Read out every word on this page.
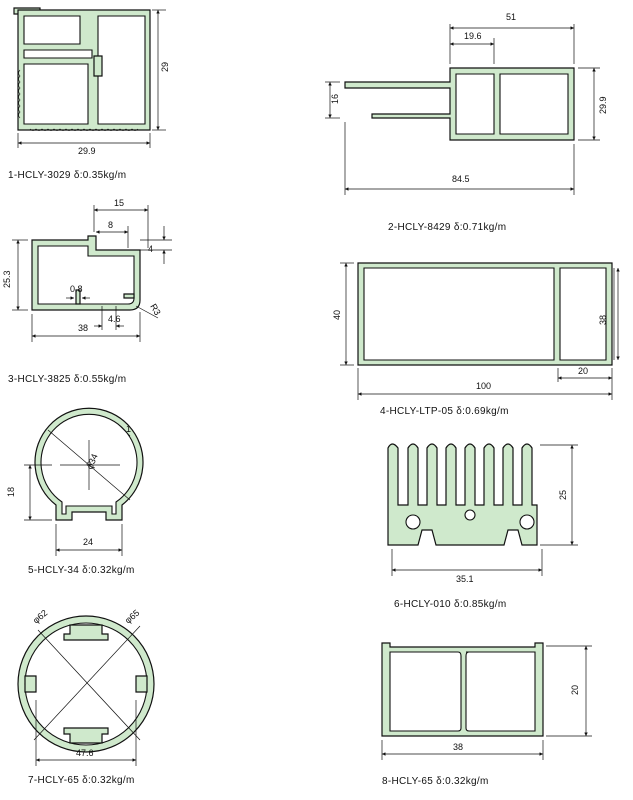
29.9
29
1-HCLY-3029 δ:0.35kg/m
51
19.6
16	29.9
84.5
2-HCLY-8429 δ:0.71kg/m
15
8
4
25.3
0.8
R3
38
4.6
3-HCLY-3825 δ:0.55kg/m
40	38
20
100
4-HCLY-LTP-05 δ:0.69kg/m
φ34
1
18
24
5-HCLY-34 δ:0.32kg/m
25
35.1
6-HCLY-010 δ:0.85kg/m
φ62	φ65
47.6
7-HCLY-65 δ:0.32kg/m
20
38
8-HCLY-65 δ:0.32kg/m
